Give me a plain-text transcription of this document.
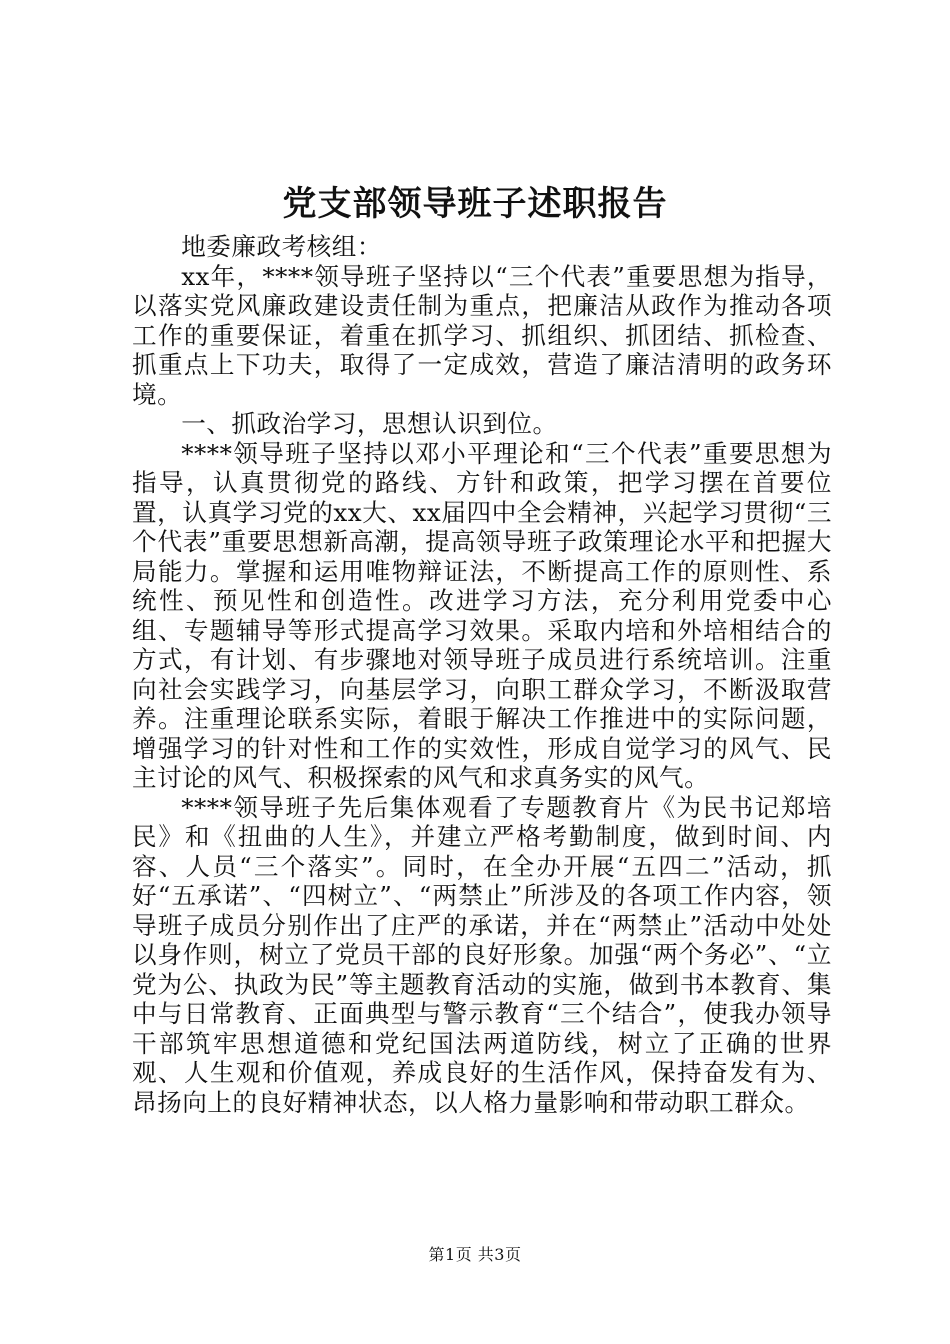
党支部领导班子述职报告

地委廉政考核组：

xx年，****领导班子坚持以“三个代表”重要思想为指导，以落实党风廉政建设责任制为重点，把廉洁从政作为推动各项工作的重要保证，着重在抓学习、抓组织、抓团结、抓检查、抓重点上下功夫，取得了一定成效，营造了廉洁清明的政务环境。

一、抓政治学习，思想认识到位。

****领导班子坚持以邓小平理论和“三个代表”重要思想为指导，认真贯彻党的路线、方针和政策，把学习摆在首要位置，认真学习党的xx大、xx届四中全会精神，兴起学习贯彻“三个代表”重要思想新高潮，提高领导班子政策理论水平和把握大局能力。掌握和运用唯物辩证法，不断提高工作的原则性、系统性、预见性和创造性。改进学习方法，充分利用党委中心组、专题辅导等形式提高学习效果。采取内培和外培相结合的方式，有计划、有步骤地对领导班子成员进行系统培训。注重向社会实践学习，向基层学习，向职工群众学习，不断汲取营养。注重理论联系实际，着眼于解决工作推进中的实际问题，增强学习的针对性和工作的实效性，形成自觉学习的风气、民主讨论的风气、积极探索的风气和求真务实的风气。

****领导班子先后集体观看了专题教育片《为民书记郑培民》和《扭曲的人生》，并建立严格考勤制度，做到时间、内容、人员“三个落实”。同时，在全办开展“五四二”活动，抓好“五承诺”、“四树立”、“两禁止”所涉及的各项工作内容，领导班子成员分别作出了庄严的承诺，并在“两禁止”活动中处处以身作则，树立了党员干部的良好形象。加强“两个务必”、“立党为公、执政为民”等主题教育活动的实施，做到书本教育、集中与日常教育、正面典型与警示教育“三个结合”，使我办领导干部筑牢思想道德和党纪国法两道防线，树立了正确的世界观、人生观和价值观，养成良好的生活作风，保持奋发有为、昂扬向上的良好精神状态，以人格力量影响和带动职工群众。

第1页 共3页
